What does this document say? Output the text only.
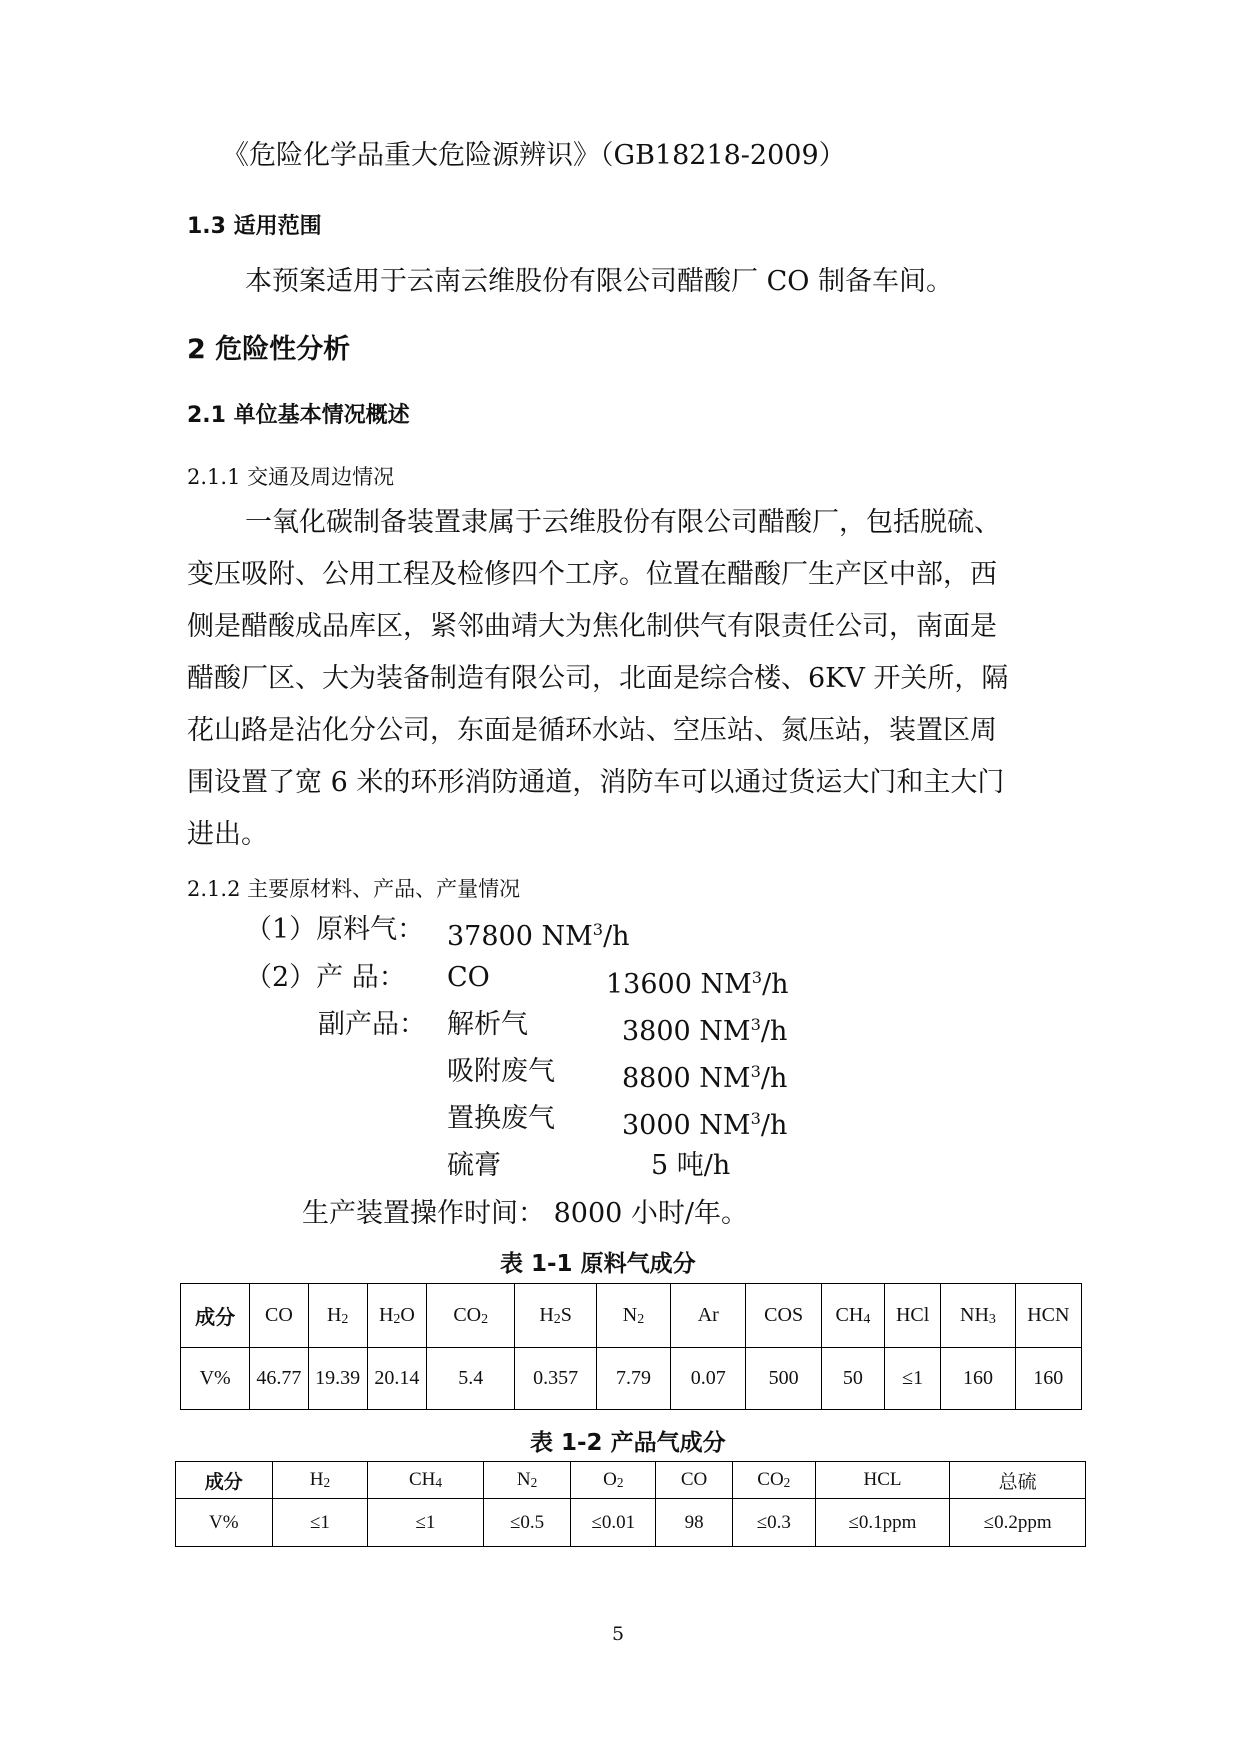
《危险化学品重大危险源辨识》（GB18218-2009）
1.3 适用范围
本预案适用于云南云维股份有限公司醋酸厂 CO 制备车间。
2 危险性分析
2.1 单位基本情况概述
2.1.1 交通及周边情况
一氧化碳制备装置隶属于云维股份有限公司醋酸厂，包括脱硫、
变压吸附、公用工程及检修四个工序。位置在醋酸厂生产区中部，西
侧是醋酸成品库区，紧邻曲靖大为焦化制供气有限责任公司，南面是
醋酸厂区、大为装备制造有限公司，北面是综合楼、6KV 开关所，隔
花山路是沾化分公司，东面是循环水站、空压站、氮压站，装置区周
围设置了宽 6 米的环形消防通道，消防车可以通过货运大门和主大门
进出。
2.1.2 主要原材料、产品、产量情况
（1）原料气： 37800 $NM^3/h$
（2）产 品： CO	13600 $NM^3/h$
副产品： 解析气	3800 $NM^3/h$
吸附废气 8800 $NM^3/h$
置换废气 3000 $NM^3/h$
硫膏	5 吨/h
生产装置操作时间： 8000 小时/年。
表 1-1 原料气成分
成分	CO	$H_2$	$H_2O$	$CO_2$	$H_2S$	$N_2$	Ar	COS	$CH_4$	HCl	$NH_3$	HCN
V%	46.77	19.39	20.14	5.4	0.357	7.79	0.07	500	50	≤1	160	160
表 1-2 产品气成分
成分	$H_2$	$CH_4$	$N_2$	$O_2$	CO	$CO_2$	HCL	总硫
V%	≤1	≤1	≤0.5	≤0.01	98	≤0.3	≤0.1ppm	≤0.2ppm
5
